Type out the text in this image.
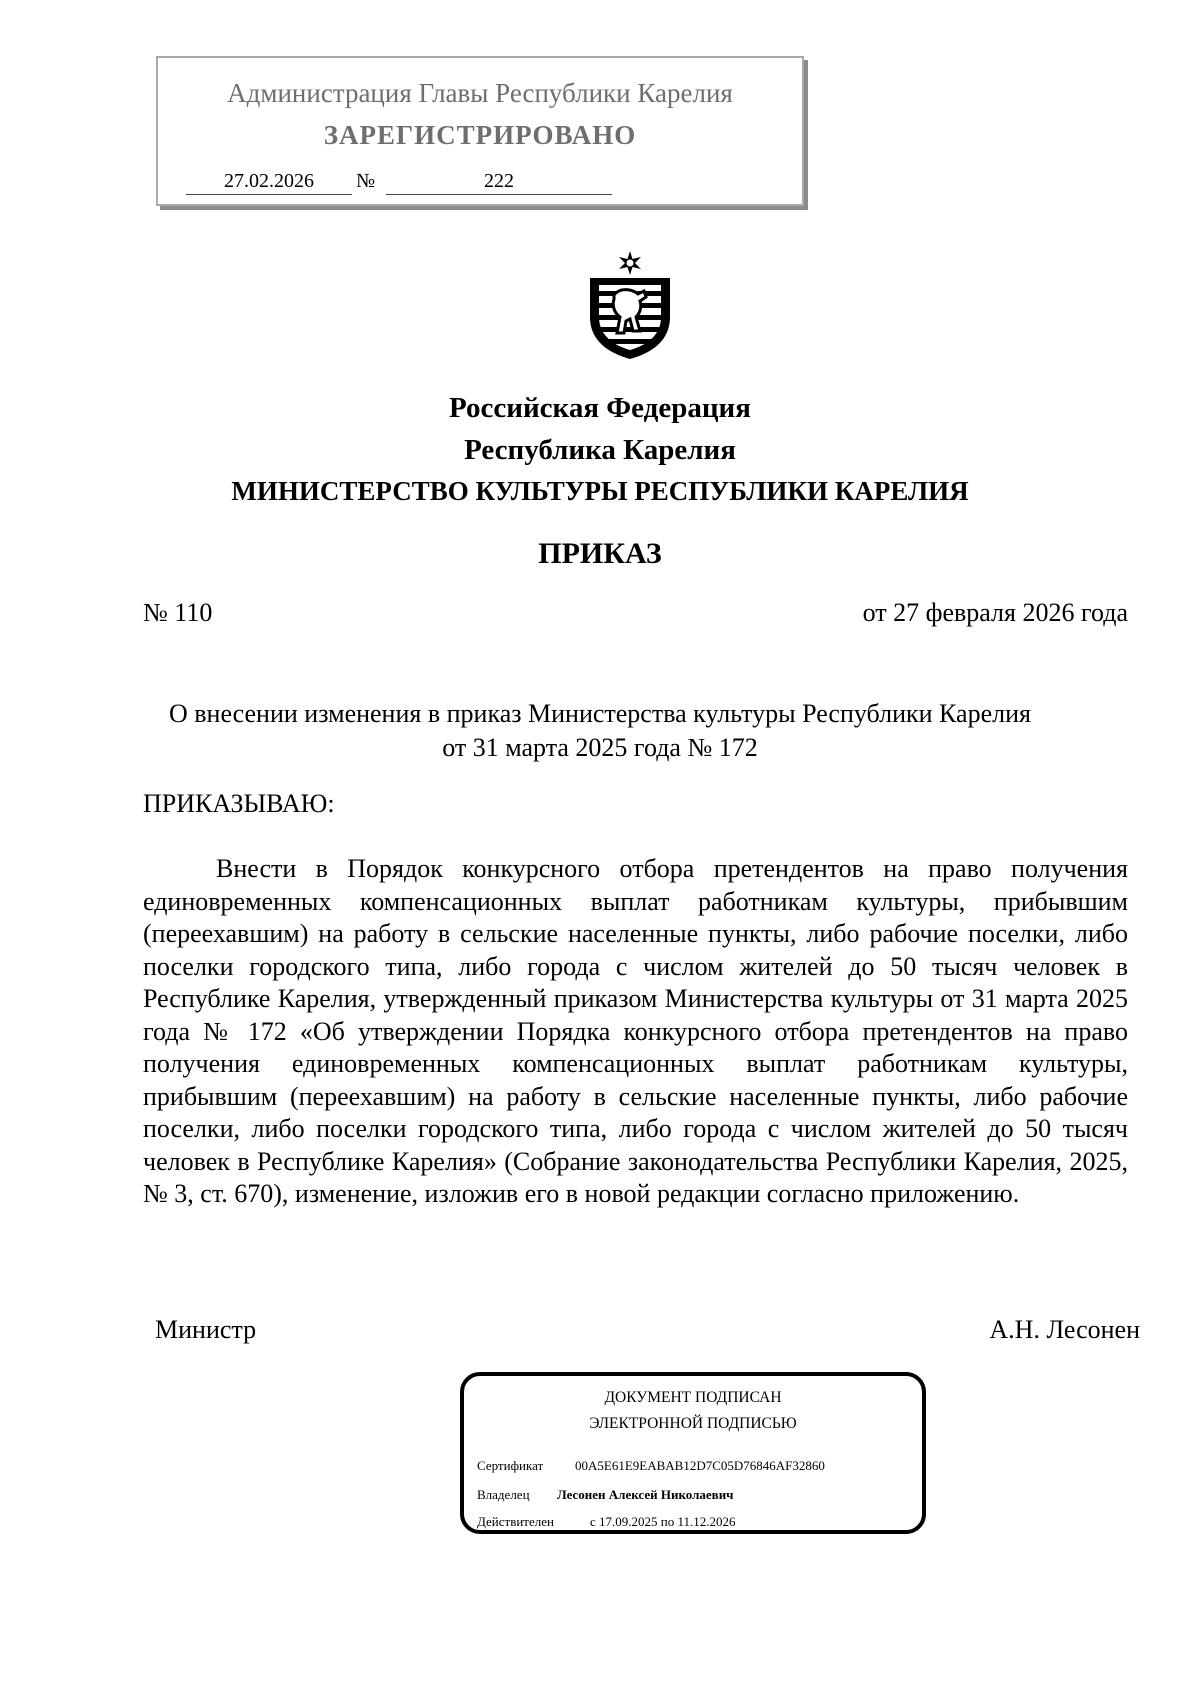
Администрация Главы Республики Карелия
ЗАРЕГИСТРИРОВАНО
27.02.2026	№	222
Российская Федерация
Республика Карелия
МИНИСТЕРСТВО КУЛЬТУРЫ РЕСПУБЛИКИ КАРЕЛИЯ
ПРИКАЗ
№ 110	от 27 февраля 2026 года
О внесении изменения в приказ Министерства культуры Республики Карелия
от 31 марта 2025 года № 172
ПРИКАЗЫВАЮ:
Внести в Порядок конкурсного отбора претендентов на право получения единовременных компенсационных выплат работникам культуры, прибывшим (переехавшим) на работу в сельские населенные пункты, либо рабочие поселки, либо поселки городского типа, либо города с числом жителей до 50 тысяч человек в Республике Карелия, утвержденный приказом Министерства культуры от 31 марта 2025 года № 172 «Об утверждении Порядка конкурсного отбора претендентов на право получения единовременных компенсационных выплат работникам культуры, прибывшим (переехавшим) на работу в сельские населенные пункты, либо рабочие поселки, либо поселки городского типа, либо города с числом жителей до 50 тысяч человек в Республике Карелия» (Собрание законодательства Республики Карелия, 2025, № 3, ст. 670), изменение, изложив его в новой редакции согласно приложению.
Министр	А.Н. Лесонен
ДОКУМЕНТ ПОДПИСАН
ЭЛЕКТРОННОЙ ПОДПИСЬЮ
Сертификат 00A5E61E9EABAB12D7C05D76846AF32860
Владелец Лесонен Алексей Николаевич
Действителен	с 17.09.2025 по 11.12.2026
